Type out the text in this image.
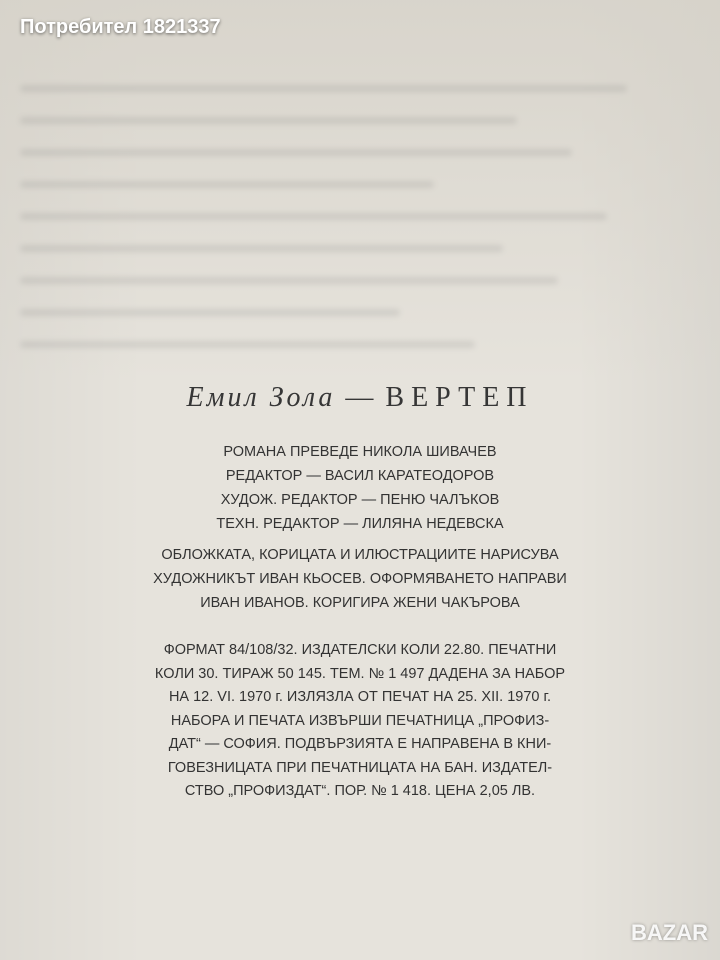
Потребител 1821337
Емил Зола — ВЕРТЕП
РОМАНА ПРЕВЕДЕ НИКОЛА ШИВАЧЕВ
РЕДАКТОР — ВАСИЛ КАРАТЕОДОРОВ
ХУДОЖ. РЕДАКТОР — ПЕНЮ ЧАЛЪКОВ
ТЕХН. РЕДАКТОР — ЛИЛЯНА НЕДЕВСКА
ОБЛОЖКАТА, КОРИЦАТА И ИЛЮСТРАЦИИТЕ НАРИСУВА
ХУДОЖНИКЪТ ИВАН КЬОСЕВ. ОФОРМЯВАНЕТО НАПРАВИ
ИВАН ИВАНОВ. КОРИГИРА ЖЕНИ ЧАКЪРОВА
ФОРМАТ 84/108/32. ИЗДАТЕЛСКИ КОЛИ 22.80. ПЕЧАТНИ
КОЛИ 30. ТИРАЖ 50 145. ТЕМ. № 1 497 ДАДЕНА ЗА НАБОР
НА 12. VI. 1970 г. ИЗЛЯЗЛА ОТ ПЕЧАТ НА 25. XII. 1970 г.
НАБОРА И ПЕЧАТА ИЗВЪРШИ ПЕЧАТНИЦА „ПРОФИЗ-
ДАТ“ — СОФИЯ. ПОДВЪРЗИЯТА Е НАПРАВЕНА В КНИ-
ГОВЕЗНИЦАТА ПРИ ПЕЧАТНИЦАТА НА БАН. ИЗДАТЕЛ-
СТВО „ПРОФИЗДАТ“. ПОР. № 1 418. ЦЕНА 2,05 ЛВ.
BAZAR
